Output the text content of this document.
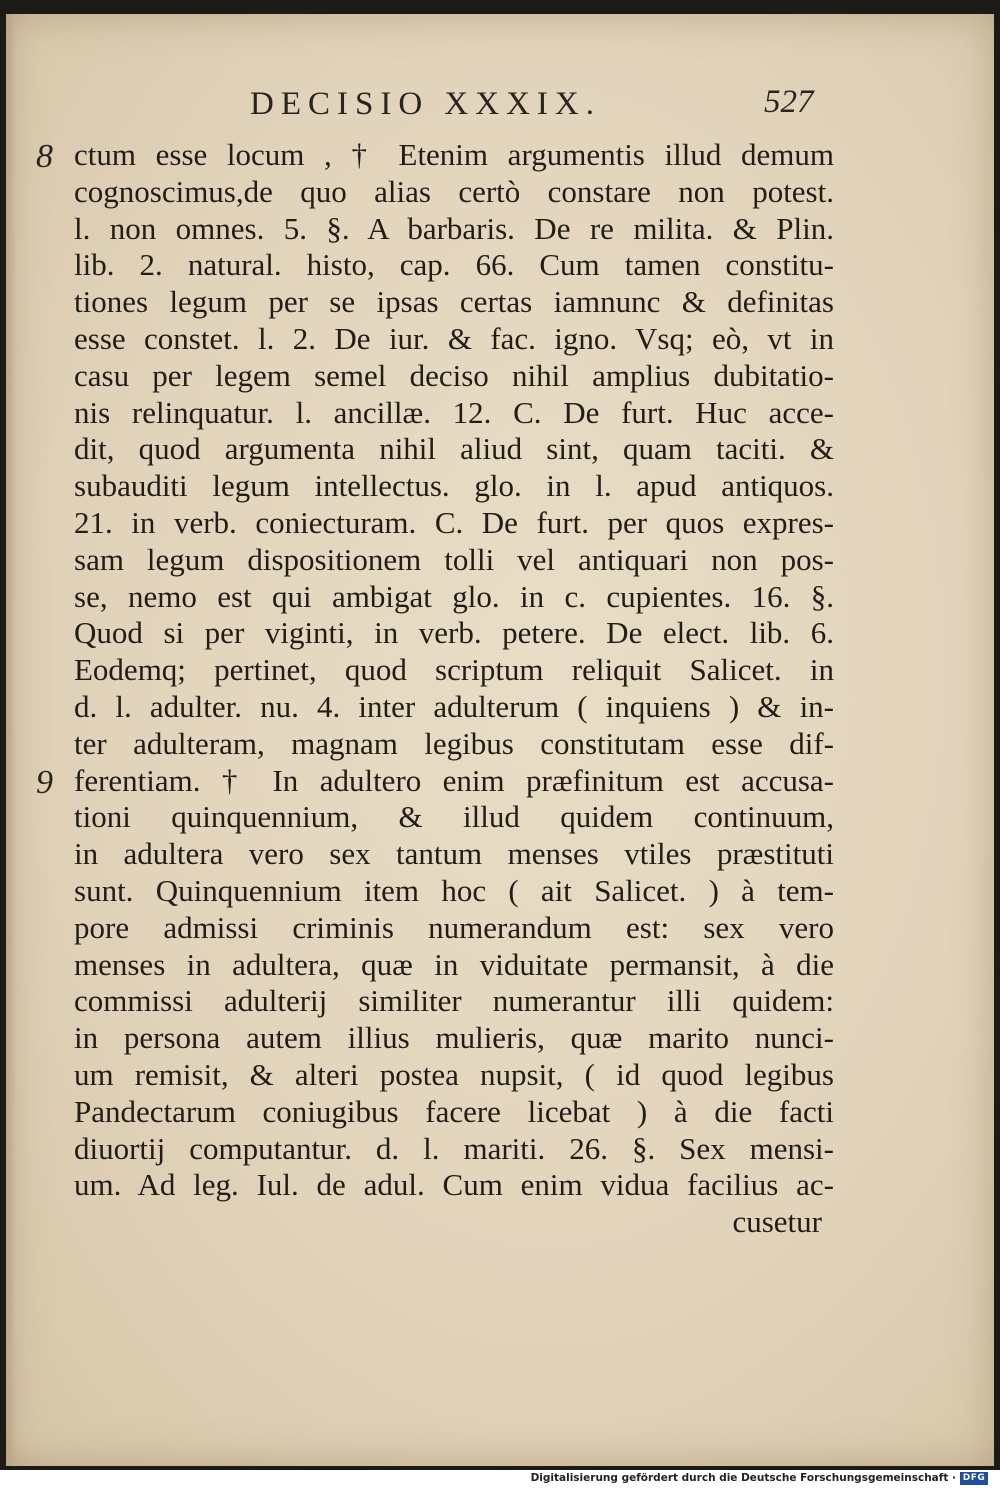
DECISIO XXXIX.	527
8
9
ctum esse locum , † Etenim argumentis illud demum
cognoscimus,de quo alias certò constare non potest.
l. non omnes. 5. §. A barbaris. De re milita. & Plin.
lib. 2. natural. histo, cap. 66. Cum tamen constitu-
tiones legum per se ipsas certas iamnunc & definitas
esse constet. l. 2. De iur. & fac. igno. Vsq; eò, vt in
casu per legem semel deciso nihil amplius dubitatio-
nis relinquatur. l. ancillæ. 12. C. De furt. Huc acce-
dit, quod argumenta nihil aliud sint, quam taciti. &
subauditi legum intellectus. glo. in l. apud antiquos.
21. in verb. coniecturam. C. De furt. per quos expres-
sam legum dispositionem tolli vel antiquari non pos-
se, nemo est qui ambigat glo. in c. cupientes. 16. §.
Quod si per viginti, in verb. petere. De elect. lib. 6.
Eodemq; pertinet, quod scriptum reliquit Salicet. in
d. l. adulter. nu. 4. inter adulterum ( inquiens ) & in-
ter adulteram, magnam legibus constitutam esse dif-
ferentiam. † In adultero enim præfinitum est accusa-
tioni quinquennium, & illud quidem continuum,
in adultera vero sex tantum menses vtiles præstituti
sunt. Quinquennium item hoc ( ait Salicet. ) à tem-
pore admissi criminis numerandum est: sex vero
menses in adultera, quæ in viduitate permansit, à die
commissi adulterij similiter numerantur illi quidem:
in persona autem illius mulieris, quæ marito nunci-
um remisit, & alteri postea nupsit, ( id quod legibus
Pandectarum coniugibus facere licebat ) à die facti
diuortij computantur. d. l. mariti. 26. §. Sex mensi-
um. Ad leg. Iul. de adul. Cum enim vidua facilius ac-
cusetur
Digitalisierung gefördert durch die Deutsche Forschungsgemeinschaft · DFG
